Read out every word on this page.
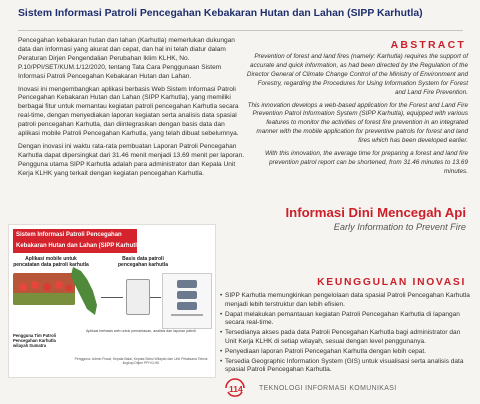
Sistem Informasi Patroli Pencegahan Kebakaran Hutan dan Lahan (SIPP Karhutla)

Pencegahan kebakaran hutan dan lahan (Karhutla) memerlukan dukungan data dan informasi yang akurat dan cepat, dan hal ini telah diatur dalam Peraturan Dirjen Pengendalian Perubahan Iklim KLHK, No. P.10/PPI/SET/KUM.1/12/2020, tentang Tata Cara Penggunaan Sistem Informasi Patroli Pencegahan Kebakaran Hutan dan Lahan.

Inovasi ini mengembangkan aplikasi berbasis Web Sistem Informasi Patroli Pencegahan Kebakaran Hutan dan Lahan (SIPP Karhutla), yang memiliki berbagai fitur untuk memantau kegiatan patroli pencegahan Karhutla secara real-time, dengan menyediakan laporan kegiatan serta analisis data spasial patroli pencegahan Karhutla, dan diintegrasikan dengan basis data dan aplikasi mobile Patroli Pencegahan Karhutla, yang telah dibuat sebelumnya.

Dengan inovasi ini waktu rata-rata pembuatan Laporan Patroli Pencegahan Karhutla dapat dipersingkat dari 31.46 menit menjadi 13.69 menit per laporan. Pengguna utama SIPP Karhutla adalah para administrator dan Kepala Unit Kerja KLHK yang terkait dengan kegiatan pencegahan Karhutla.

ABSTRACT

Prevention of forest and land fires (namely: Karhutla) requires the support of accurate and quick information, as had been directed by the Regulation of the Director General of Climate Change Control of the Ministry of Environment and Forestry, regarding the Procedures for Using Information System for Forest and Land Fire Prevention.

This innovation develops a web-based application for the Forest and Land Fire Prevention Patrol Information System (SIPP Karhutla), equipped with various features to monitor the activities of forest fire prevention in an integrated manner with the mobile application for preventive patrols for forest and land fires which has been developed earlier.

With this innovation, the average time for preparing a forest and land fire prevention patrol report can be shortened, from 31.46 minutes to 13.69 minutes.

Informasi Dini Mencegah Api
Early Information to Prevent Fire
Sistem Informasi Patroli Pencegahan
Kebakaran Hutan dan Lahan (SIPP Karhutla)
Aplikasi mobile untuk pencatatan data patroli karhutla
Basis data patroli pencegahan karhutla
Aplikasi berbasis web untuk pemantauan, analisis dan laporan patroli
Pengguna Tim Patroli Pencegahan Karhutla wilayah Sumatra
Pengguna: Admin Pusat, Kepala Balai, Kepala Seksi Wilayah dan Unit Pelaksana Teknis lingkup Ditjen PPI KLHK
KEUNGGULAN INOVASI
• SIPP Karhutla memungkinkan pengelolaan data spasial Patroli Pencegahan Karhutla menjadi lebih terstruktur dan lebih efisien.
• Dapat melakukan pemantauan kegiatan Patroli Pencegahan Karhutla di lapangan secara real-time.
• Tersedianya akses pada data Patroli Pencegahan Karhutla bagi administrator dan Unit Kerja KLHK di setiap wilayah, sesuai dengan level penggunanya.
• Penyediaan laporan Patroli Pencegahan Karhutla dengan lebih cepat.
• Tersedia Geographic Information System (GIS) untuk visualisasi serta analisis data spasial Patroli Pencegahan Karhutla.
114 TEKNOLOGI INFORMASI KOMUNIKASI
